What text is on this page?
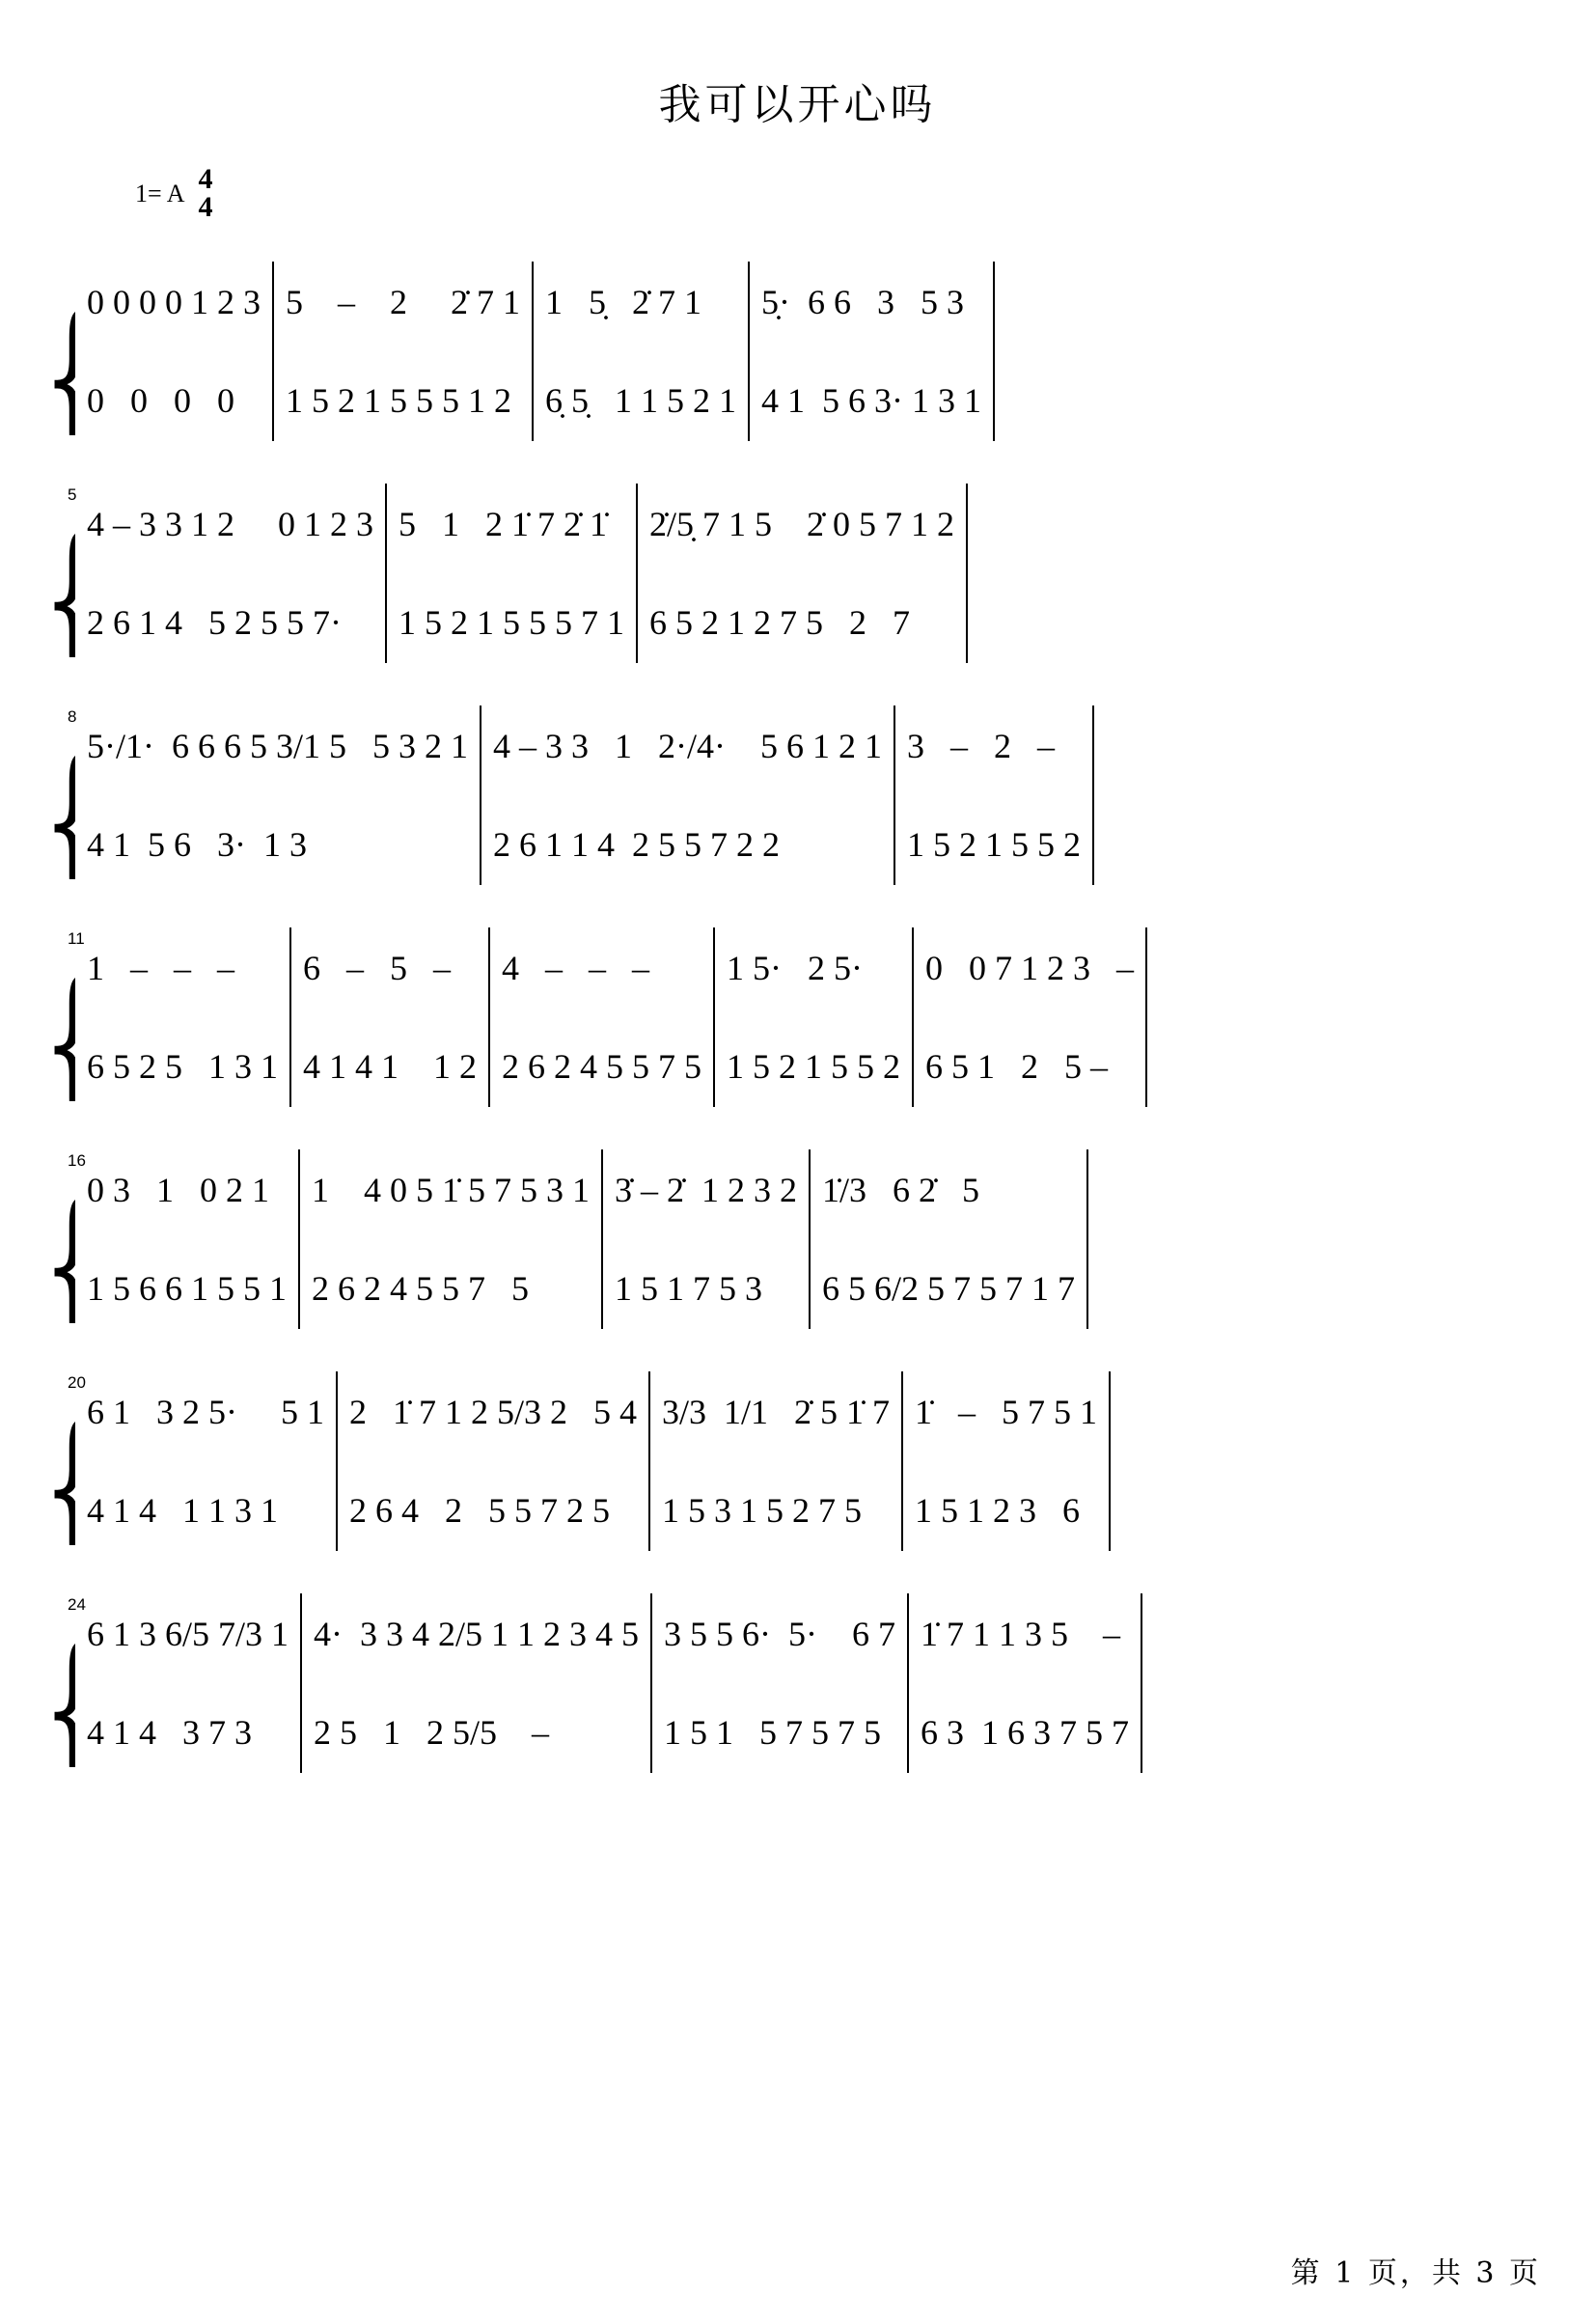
我可以开心吗
1= A 4
4
{
0 0 0 0 1 2 3
0   0   0   0
5    –    2     2̇ 7 1
1 5 2 1 5 5 5 1 2
1   5̣   2̇ 7 1
6̣ 5̣   1 1 5 2 1
5̣·  6 6   3   5 3
4 1  5 6 3· 1 3 1
{
5
4 – 3 3 1 2     0 1 2 3
2 6 1 4   5 2 5 5 7·
5   1   2 1̇ 7 2̇ 1̇
1 5 2 1 5 5 5 7 1
2̇/5̣ 7 1 5    2̇ 0 5 7 1 2
6 5 2 1 2 7 5   2   7
{
8
5·/1·  6 6 6 5 3/1 5   5 3 2 1
4 1  5 6   3·  1 3
4 – 3 3   1   2·/4·    5 6 1 2 1
2 6 1 1 4  2 5 5 7 2 2
3   –   2   –
1 5 2 1 5 5 2
{
11
1   –   –   –
6 5 2 5   1 3 1
6   –   5   –
4 1 4 1    1 2
4   –   –   –
2 6 2 4 5 5 7 5
1 5·   2 5·
1 5 2 1 5 5 2
0   0 7 1 2 3   –
6 5 1   2   5 –
{
16
0 3   1   0 2 1
1 5 6 6 1 5 5 1
1    4 0 5 1̇ 5 7 5 3 1
2 6 2 4 5 5 7   5
3̇ – 2̇  1 2 3 2
1 5 1 7 5 3
1̇/3   6 2̇   5
6 5 6/2 5 7 5 7 1 7
{
20
6 1   3 2 5·     5 1
4 1 4   1 1 3 1
2   1̇ 7 1 2 5/3 2   5 4
2 6 4   2   5 5 7 2 5
3/3  1/1   2̇ 5 1̇ 7
1 5 3 1 5 2 7 5
1̇   –   5 7 5 1
1 5 1 2 3   6
{
24
6 1 3 6/5 7/3 1
4 1 4   3 7 3
4·  3 3 4 2/5 1 1 2 3 4 5
2 5   1   2 5/5    –
3 5 5 6·  5·    6 7
1 5 1   5 7 5 7 5
1̇ 7 1 1 3 5    –
6 3  1 6 3 7 5 7
第 1 页，共 3 页
